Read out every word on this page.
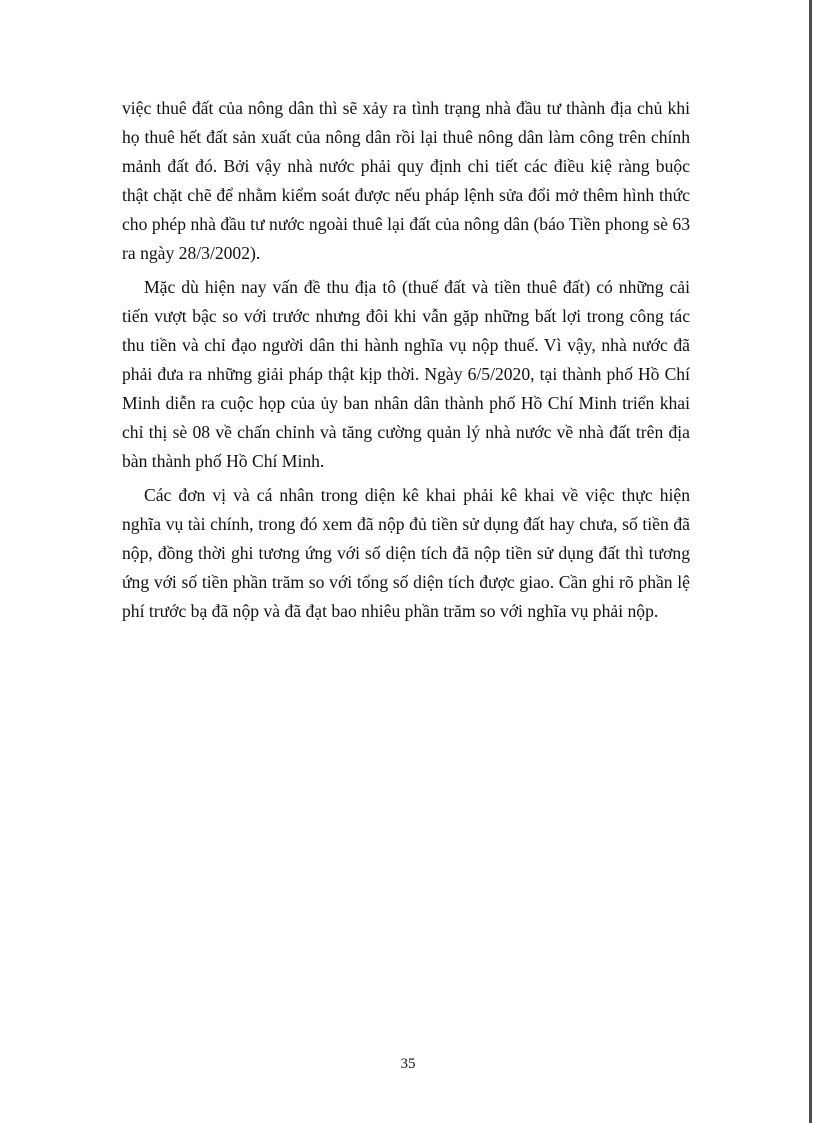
việc thuê đất của nông dân thì sẽ xảy ra tình trạng nhà đầu tư thành địa chủ khi họ thuê hết đất sản xuất của nông dân rồi lại thuê nông dân làm công trên chính mảnh đất đó. Bởi vậy nhà nước phải quy định chi tiết các điều kiệ ràng buộc thật chặt chẽ để nhằm kiểm soát được nếu pháp lệnh sửa đổi mở thêm hình thức cho phép nhà đầu tư nước ngoài thuê lại đất của nông dân (báo Tiền phong sè 63 ra ngày 28/3/2002).

Mặc dù hiện nay vấn đề thu địa tô (thuế đất và tiền thuê đất) có những cải tiến vượt bậc so với trước nhưng đôi khi vẫn gặp những bất lợi trong công tác thu tiền và chỉ đạo người dân thi hành nghĩa vụ nộp thuế. Vì vậy, nhà nước đã phải đưa ra những giải pháp thật kịp thời. Ngày 6/5/2020, tại thành phố Hồ Chí Minh diễn ra cuộc họp của ủy ban nhân dân thành phố Hồ Chí Minh triển khai chỉ thị sè 08 về chấn chỉnh và tăng cường quản lý nhà nước về nhà đất trên địa bàn thành phố Hồ Chí Minh.

Các đơn vị và cá nhân trong diện kê khai phải kê khai về việc thực hiện nghĩa vụ tài chính, trong đó xem đã nộp đủ tiền sử dụng đất hay chưa, số tiền đã nộp, đồng thời ghi tương ứng với số diện tích đã nộp tiền sử dụng đất thì tương ứng với số tiền phần trăm so với tổng số diện tích được giao. Cần ghi rõ phần lệ phí trước bạ đã nộp và đã đạt bao nhiêu phần trăm so với nghĩa vụ phải nộp.

35
